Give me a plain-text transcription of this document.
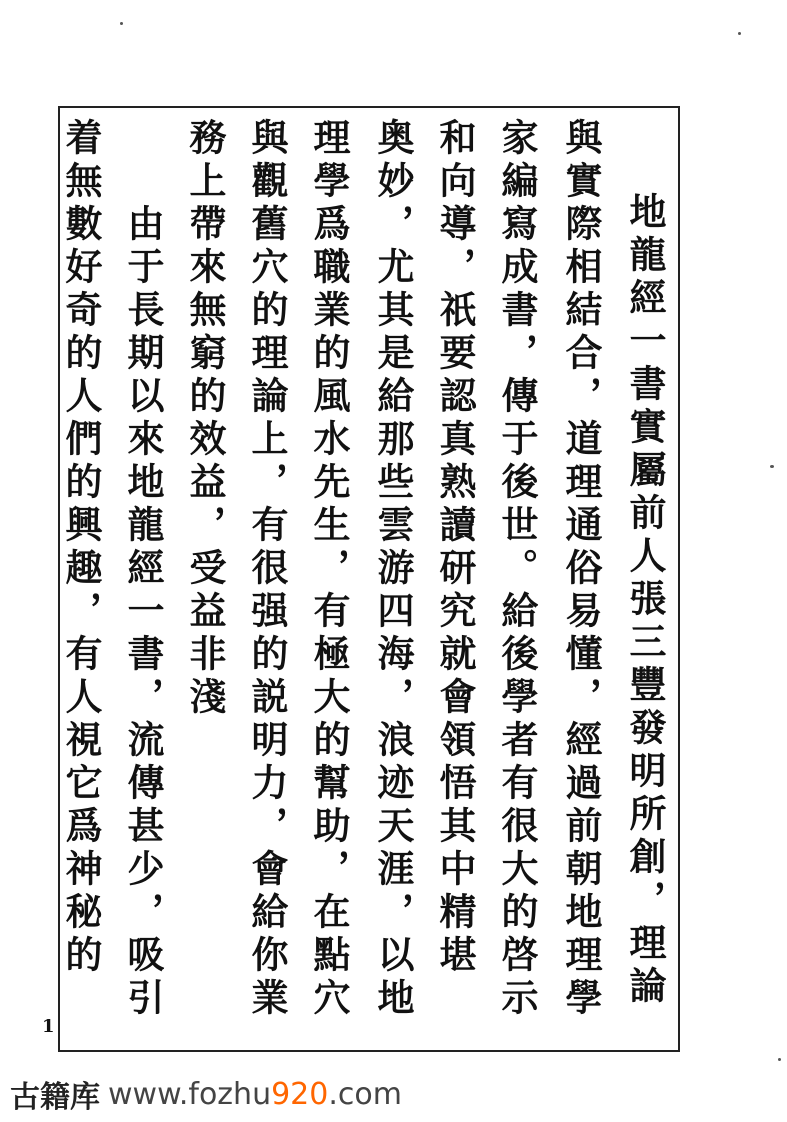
地龍經一書實屬前人張三豐發明所創，理論
與實際相結合，道理通俗易懂，經過前朝地理學
家編寫成書，傳于後世。給後學者有很大的啓示
和向導，祇要認真熟讀研究就會領悟其中精堪
奥妙，尤其是給那些雲游四海，浪迹天涯，以地
理學爲職業的風水先生，有極大的幫助，在點穴
與觀舊穴的理論上，有很强的説明力，會給你業
務上帶來無窮的效益，受益非淺
由于長期以來地龍經一書，流傳甚少，吸引
着無數好奇的人們的興趣，有人視它爲神秘的
1
古籍库 www.fozhu 920 .com
